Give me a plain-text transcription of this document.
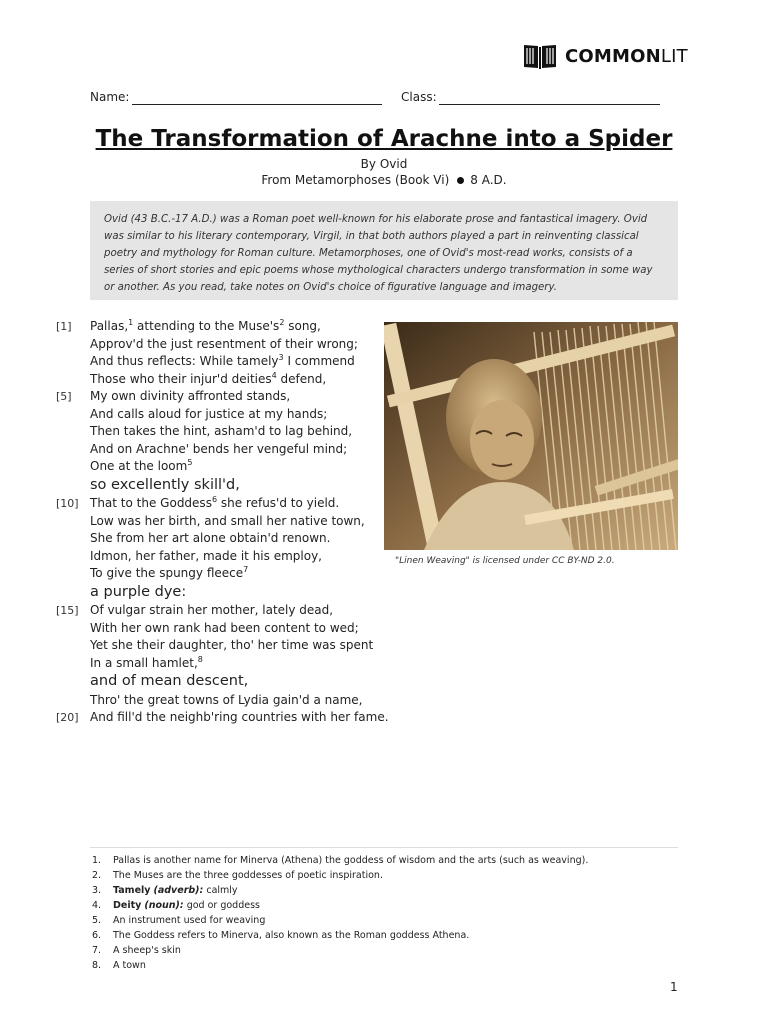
COMMONLIT
Name:	Class:
The Transformation of Arachne into a Spider
By Ovid
From Metamorphoses (Book Vi) 8 A.D.
Ovid (43 B.C.-17 A.D.) was a Roman poet well-known for his elaborate prose and fantastical imagery. Ovid was similar to his literary contemporary, Virgil, in that both authors played a part in reinventing classical poetry and mythology for Roman culture. Metamorphoses, one of Ovid's most-read works, consists of a series of short stories and epic poems whose mythological characters undergo transformation in some way or another. As you read, take notes on Ovid's choice of figurative language and imagery.
[1] Pallas,$^1$ attending to the $Muse's^2$ song,
Approv'd the just resentment of their wrong;
And thus reflects: While tamely$^3$ I commend
Those who their injur'd deities$^4$ defend,
[5] My own divinity affronted stands,
And calls aloud for justice at my hands;
Then takes the hint, asham'd to lag behind,
And on Arachne' bends her vengeful mind;
One at the loom$^5$
so excellently skill'd,
[10] That to the Goddess$^6$ she refus'd to yield.
Low was her birth, and small her native town,
She from her art alone obtain'd renown.
Idmon, her father, made it his employ,
To give the spungy fleece$^7$
a purple dye:
[15] Of vulgar strain her mother, lately dead,
With her own rank had been content to wed;
Yet she their daughter, tho' her time was spent
In a small hamlet,$^8$
and of mean descent,
Thro' the great towns of Lydia gain'd a name,
[20] And fill'd the neighb'ring countries with her fame.
"Linen Weaving" is licensed under CC BY-ND 2.0.
1. Pallas is another name for Minerva (Athena) the goddess of wisdom and the arts (such as weaving).
2. The Muses are the three goddesses of poetic inspiration.
3. Tamely (adverb): calmly
4. Deity (noun): god or goddess
5. An instrument used for weaving
6. The Goddess refers to Minerva, also known as the Roman goddess Athena.
7. A sheep's skin
8. A town
1
